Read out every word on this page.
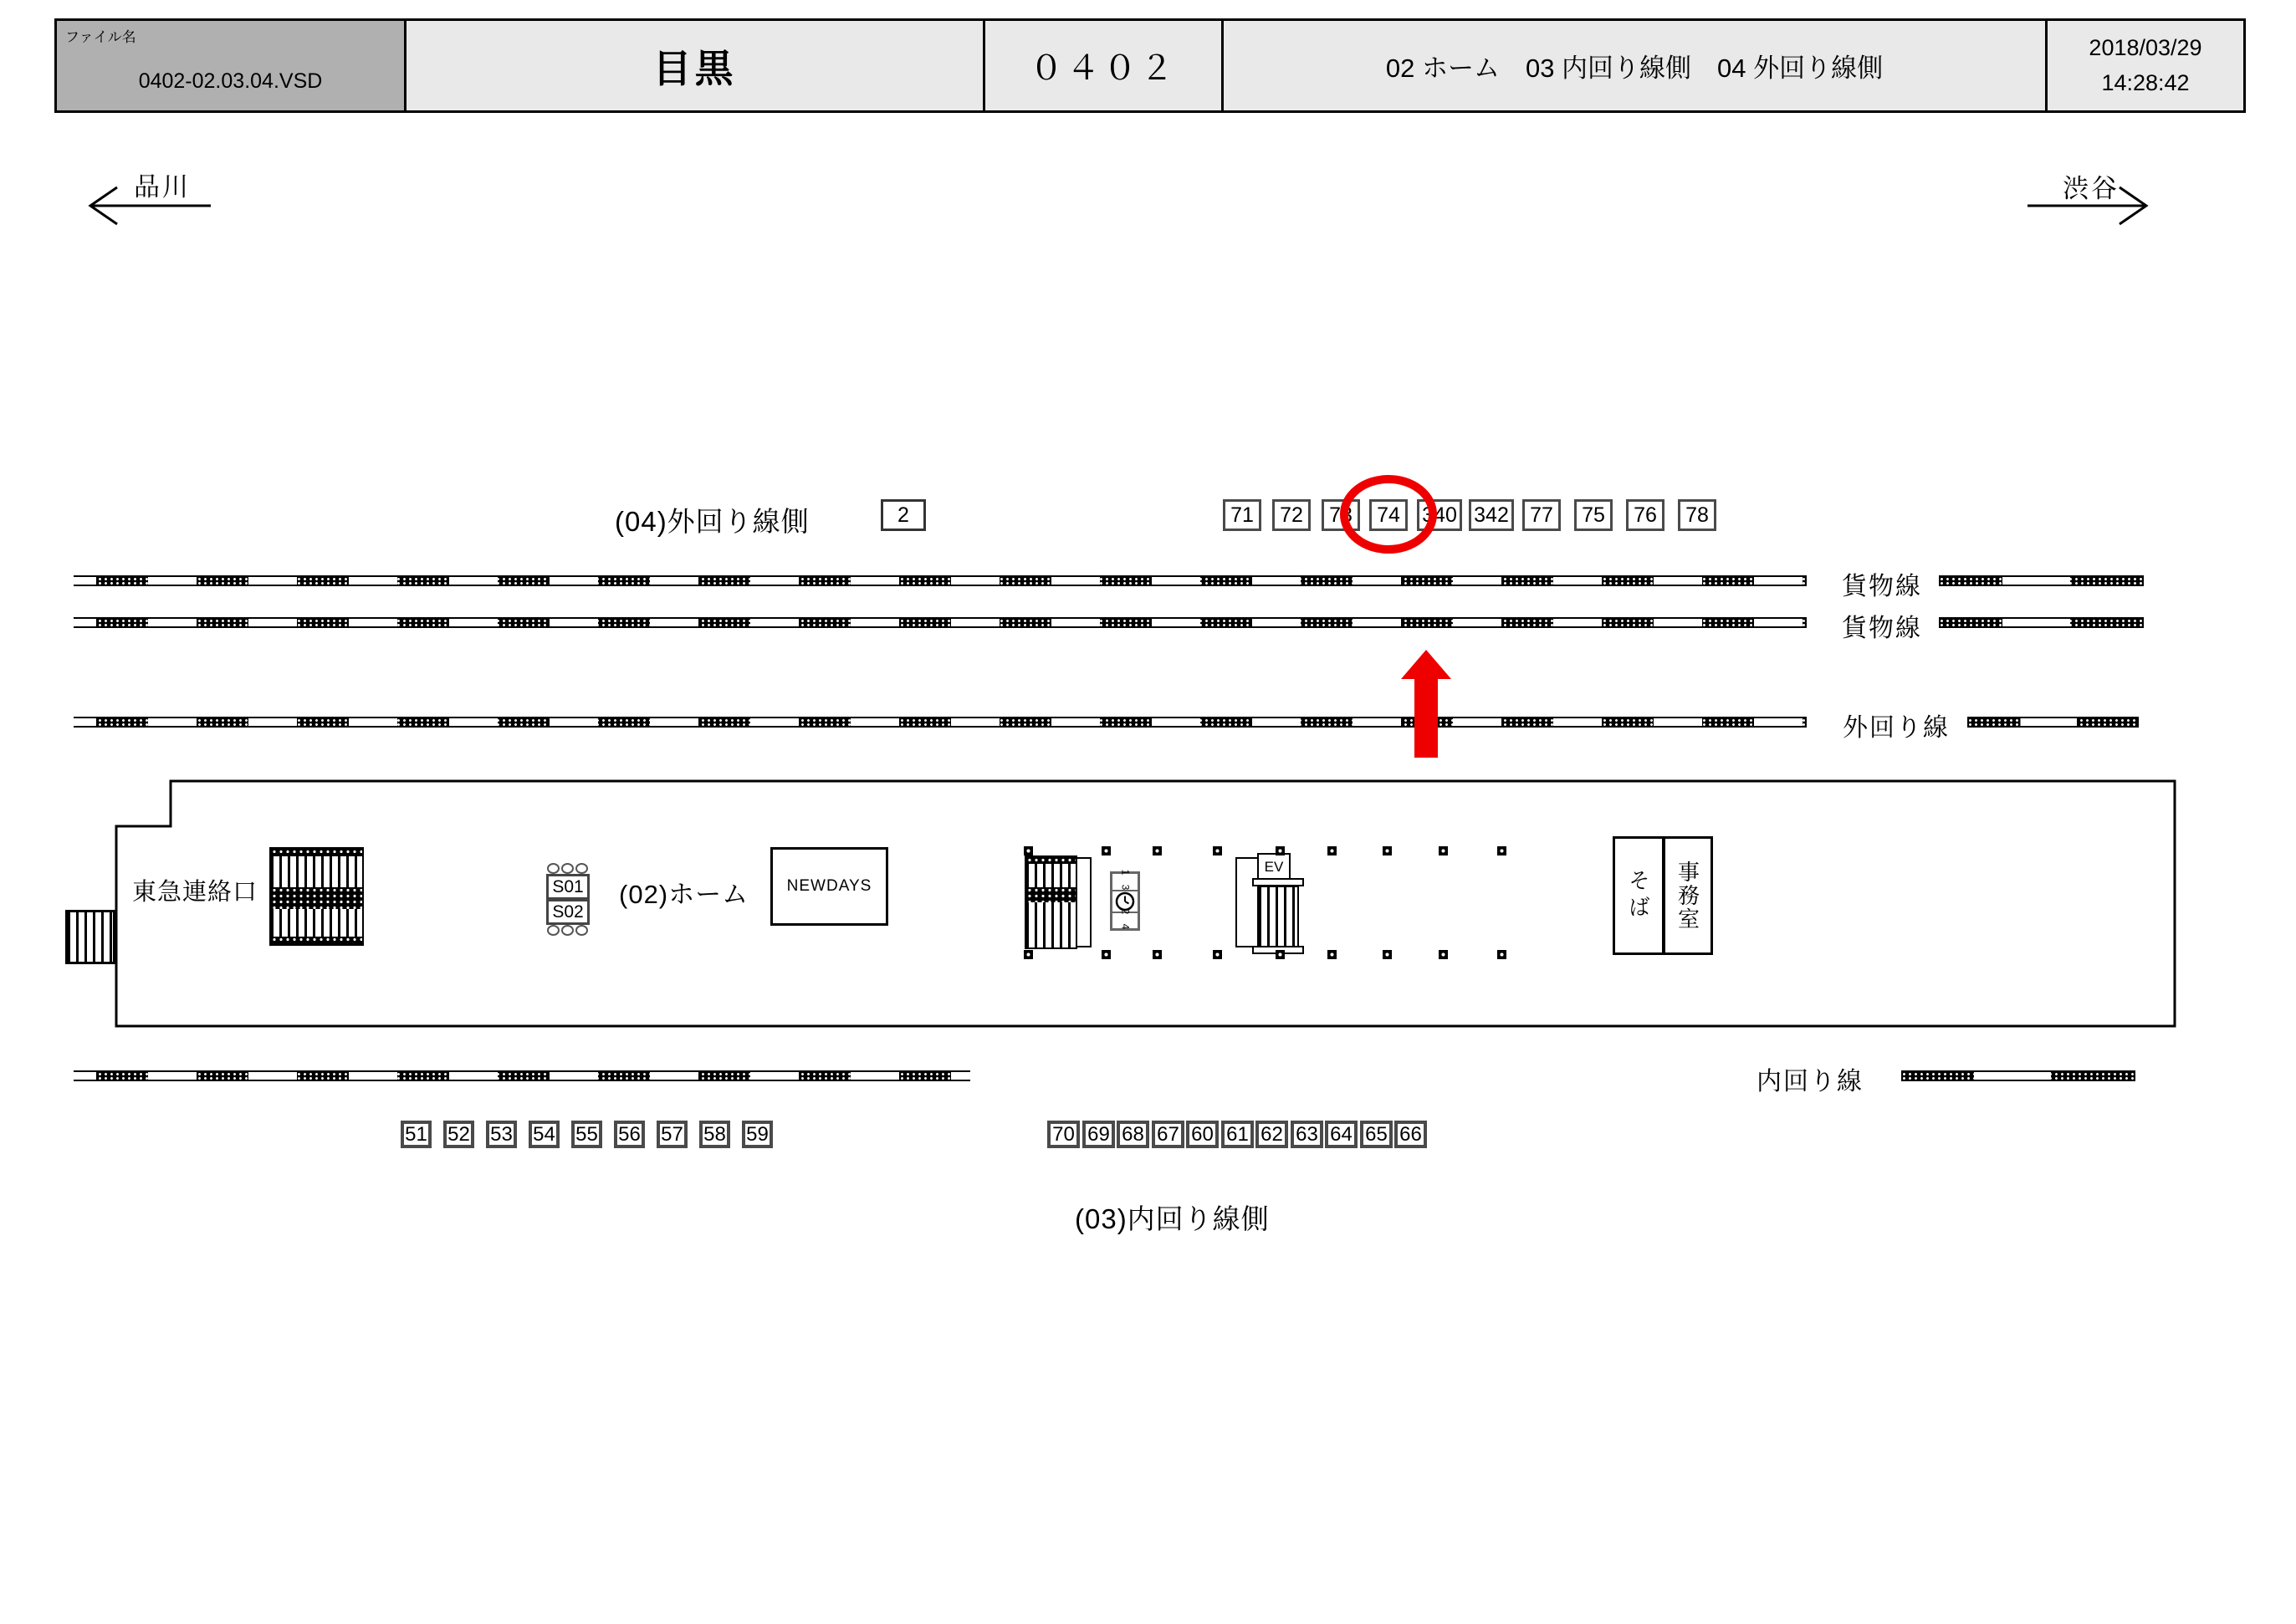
ファイル名
0402-02.03.04.VSD	目黒	０４０２	02 ホーム　03 内回り線側　04 外回り線側
2018/03/29
14:28:42
品川	渋谷
貨物線
貨物線
外回り線
内回り線
(04)外回り線側
(03)内回り線側
東急連絡口	(02)ホーム
S01
S02
NEWDAYS	1 3
2 4
EV
そば 事務室
2	71	72	73	74	340 342	77	75	76	78
51 52 53 54 55 56 57 58 59	70 69 68 67 60 61 62 63 64 65 66
